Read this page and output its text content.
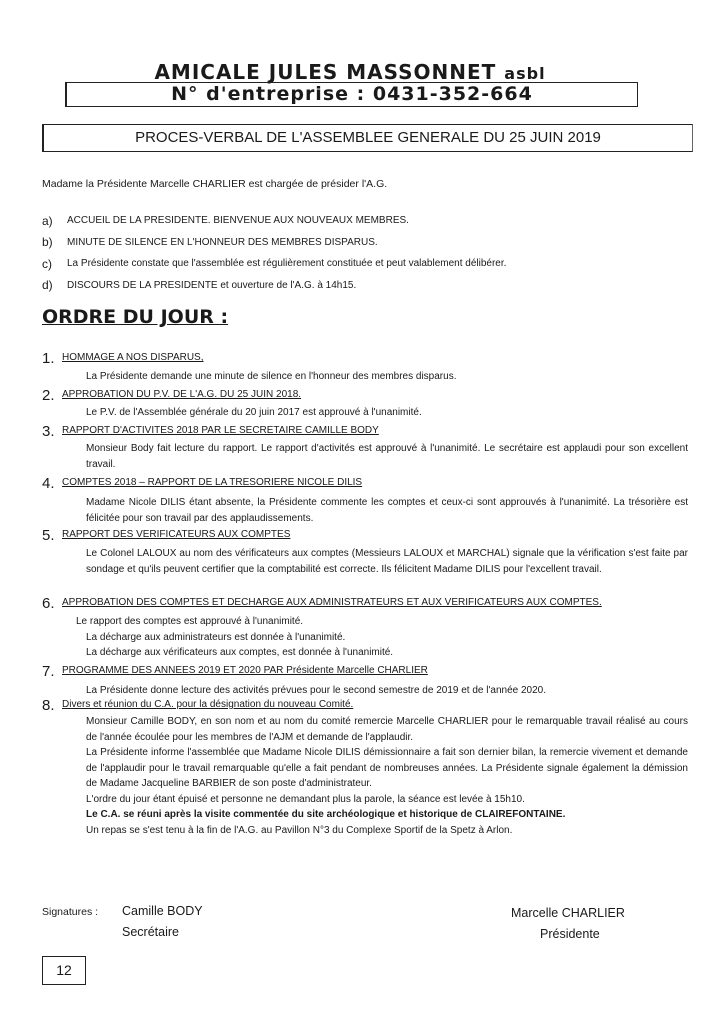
AMICALE JULES MASSONNET asbl
N° d'entreprise : 0431-352-664
PROCES-VERBAL DE L'ASSEMBLEE GENERALE DU 25 JUIN 2019
Madame la Présidente Marcelle CHARLIER est chargée de présider l'A.G.
a)	ACCUEIL DE LA PRESIDENTE. BIENVENUE AUX NOUVEAUX MEMBRES.
b)	MINUTE DE SILENCE EN L'HONNEUR DES MEMBRES DISPARUS.
c)	La Présidente constate que l'assemblée est régulièrement constituée et peut valablement délibérer.
d)	DISCOURS DE LA PRESIDENTE et ouverture de l'A.G. à 14h15.
ORDRE DU JOUR :
1. HOMMAGE A NOS DISPARUS,

La Présidente demande une minute de silence en l'honneur des membres disparus.

2. APPROBATION DU P.V. DE L'A.G. DU 25 JUIN 2018.

Le P.V. de l'Assemblée générale du 20 juin 2017 est approuvé à l'unanimité.

3. RAPPORT D'ACTIVITES 2018 PAR LE SECRETAIRE CAMILLE BODY

Monsieur Body fait lecture du rapport. Le rapport d'activités est approuvé à l'unanimité. Le secrétaire est applaudi pour son excellent travail.

4. COMPTES 2018 – RAPPORT DE LA TRESORIERE NICOLE DILIS

Madame Nicole DILIS étant absente, la Présidente commente les comptes et ceux-ci sont approuvés à l'unanimité. La trésorière est félicitée pour son travail par des applaudissements.

5. RAPPORT DES VERIFICATEURS AUX COMPTES

Le Colonel LALOUX au nom des vérificateurs aux comptes (Messieurs LALOUX et MARCHAL) signale que la vérification s'est faite par sondage et qu'ils peuvent certifier que la comptabilité est correcte. Ils félicitent Madame DILIS pour l'excellent travail.

6. APPROBATION DES COMPTES ET DECHARGE AUX ADMINISTRATEURS ET AUX VERIFICATEURS AUX COMPTES.

Le rapport des comptes est approuvé à l'unanimité.

La décharge aux administrateurs est donnée à l'unanimité.

La décharge aux vérificateurs aux comptes, est donnée à l'unanimité.

7. PROGRAMME DES ANNEES 2019 ET 2020 PAR Présidente Marcelle CHARLIER

La Présidente donne lecture des activités prévues pour le second semestre de 2019 et de l'année 2020.

8. Divers et réunion du C.A. pour la désignation du nouveau Comité.

Monsieur Camille BODY, en son nom et au nom du comité remercie Marcelle CHARLIER pour le remarquable travail réalisé au cours de l'année écoulée pour les membres de l'AJM et demande de l'applaudir.

La Présidente informe l'assemblée que Madame Nicole DILIS démissionnaire a fait son dernier bilan, la remercie vivement et demande de l'applaudir pour le travail remarquable qu'elle a fait pendant de nombreuses années. La Présidente signale également la démission de Madame Jacqueline BARBIER de son poste d'administrateur.

L'ordre du jour étant épuisé et personne ne demandant plus la parole, la séance est levée à 15h10.

Le C.A. se réuni après la visite commentée du site archéologique et historique de CLAIREFONTAINE.

Un repas se s'est tenu à la fin de l'A.G. au Pavillon N°3 du Complexe Sportif de la Spetz à Arlon.

Signatures : Camille BODY
Secrétaire
Marcelle CHARLIER
Présidente
12
